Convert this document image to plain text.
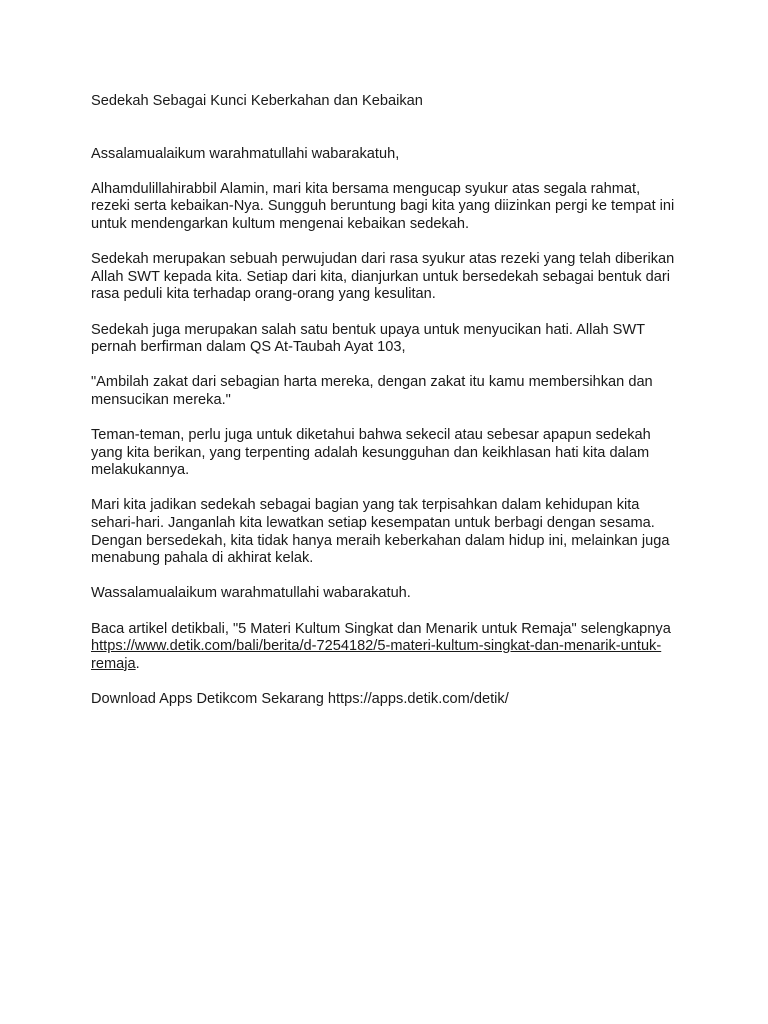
Sedekah Sebagai Kunci Keberkahan dan Kebaikan

Assalamualaikum warahmatullahi wabarakatuh,

Alhamdulillahirabbil Alamin, mari kita bersama mengucap syukur atas segala rahmat, rezeki serta kebaikan-Nya. Sungguh beruntung bagi kita yang diizinkan pergi ke tempat ini untuk mendengarkan kultum mengenai kebaikan sedekah.

Sedekah merupakan sebuah perwujudan dari rasa syukur atas rezeki yang telah diberikan Allah SWT kepada kita. Setiap dari kita, dianjurkan untuk bersedekah sebagai bentuk dari rasa peduli kita terhadap orang-orang yang kesulitan.

Sedekah juga merupakan salah satu bentuk upaya untuk menyucikan hati. Allah SWT pernah berfirman dalam QS At-Taubah Ayat 103,

"Ambilah zakat dari sebagian harta mereka, dengan zakat itu kamu membersihkan dan mensucikan mereka."

Teman-teman, perlu juga untuk diketahui bahwa sekecil atau sebesar apapun sedekah yang kita berikan, yang terpenting adalah kesungguhan dan keikhlasan hati kita dalam melakukannya.

Mari kita jadikan sedekah sebagai bagian yang tak terpisahkan dalam kehidupan kita sehari-hari. Janganlah kita lewatkan setiap kesempatan untuk berbagi dengan sesama. Dengan bersedekah, kita tidak hanya meraih keberkahan dalam hidup ini, melainkan juga menabung pahala di akhirat kelak.

Wassalamualaikum warahmatullahi wabarakatuh.

Baca artikel detikbali, "5 Materi Kultum Singkat dan Menarik untuk Remaja" selengkapnya https://www.detik.com/bali/berita/d-7254182/5-materi-kultum-singkat-dan-menarik-untuk-remaja.

Download Apps Detikcom Sekarang https://apps.detik.com/detik/
